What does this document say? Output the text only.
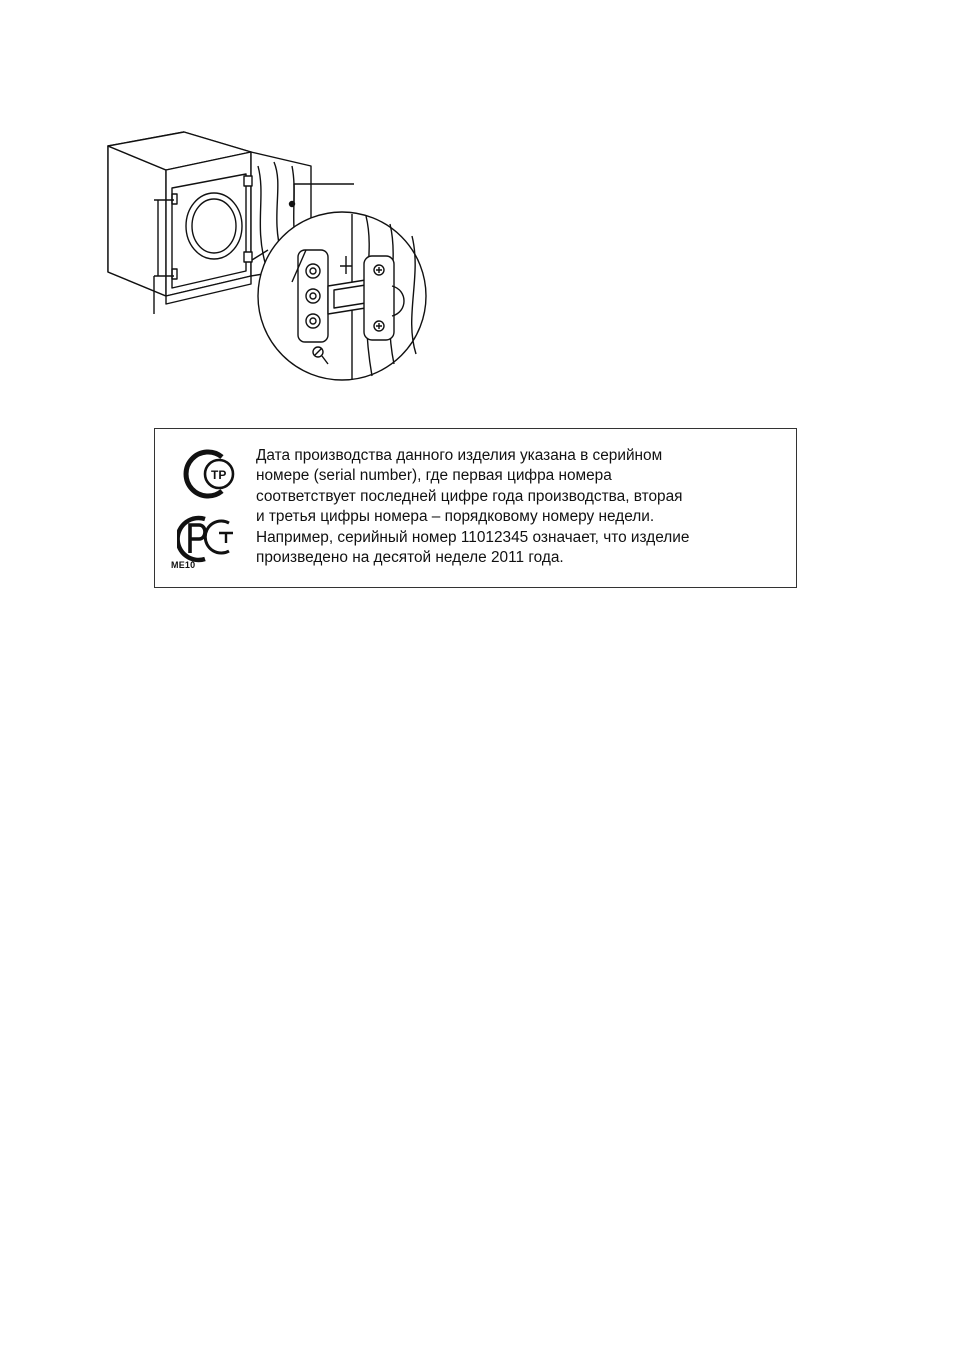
ТР
ME10

Дата производства данного изделия указана в серийном
номере (serial number), где первая цифра номера
соответствует последней цифре года производства, вторая
и третья цифры номера – порядковому номеру недели.
Например, серийный номер 11012345 означает, что изделие
произведено на десятой неделе 2011 года.
